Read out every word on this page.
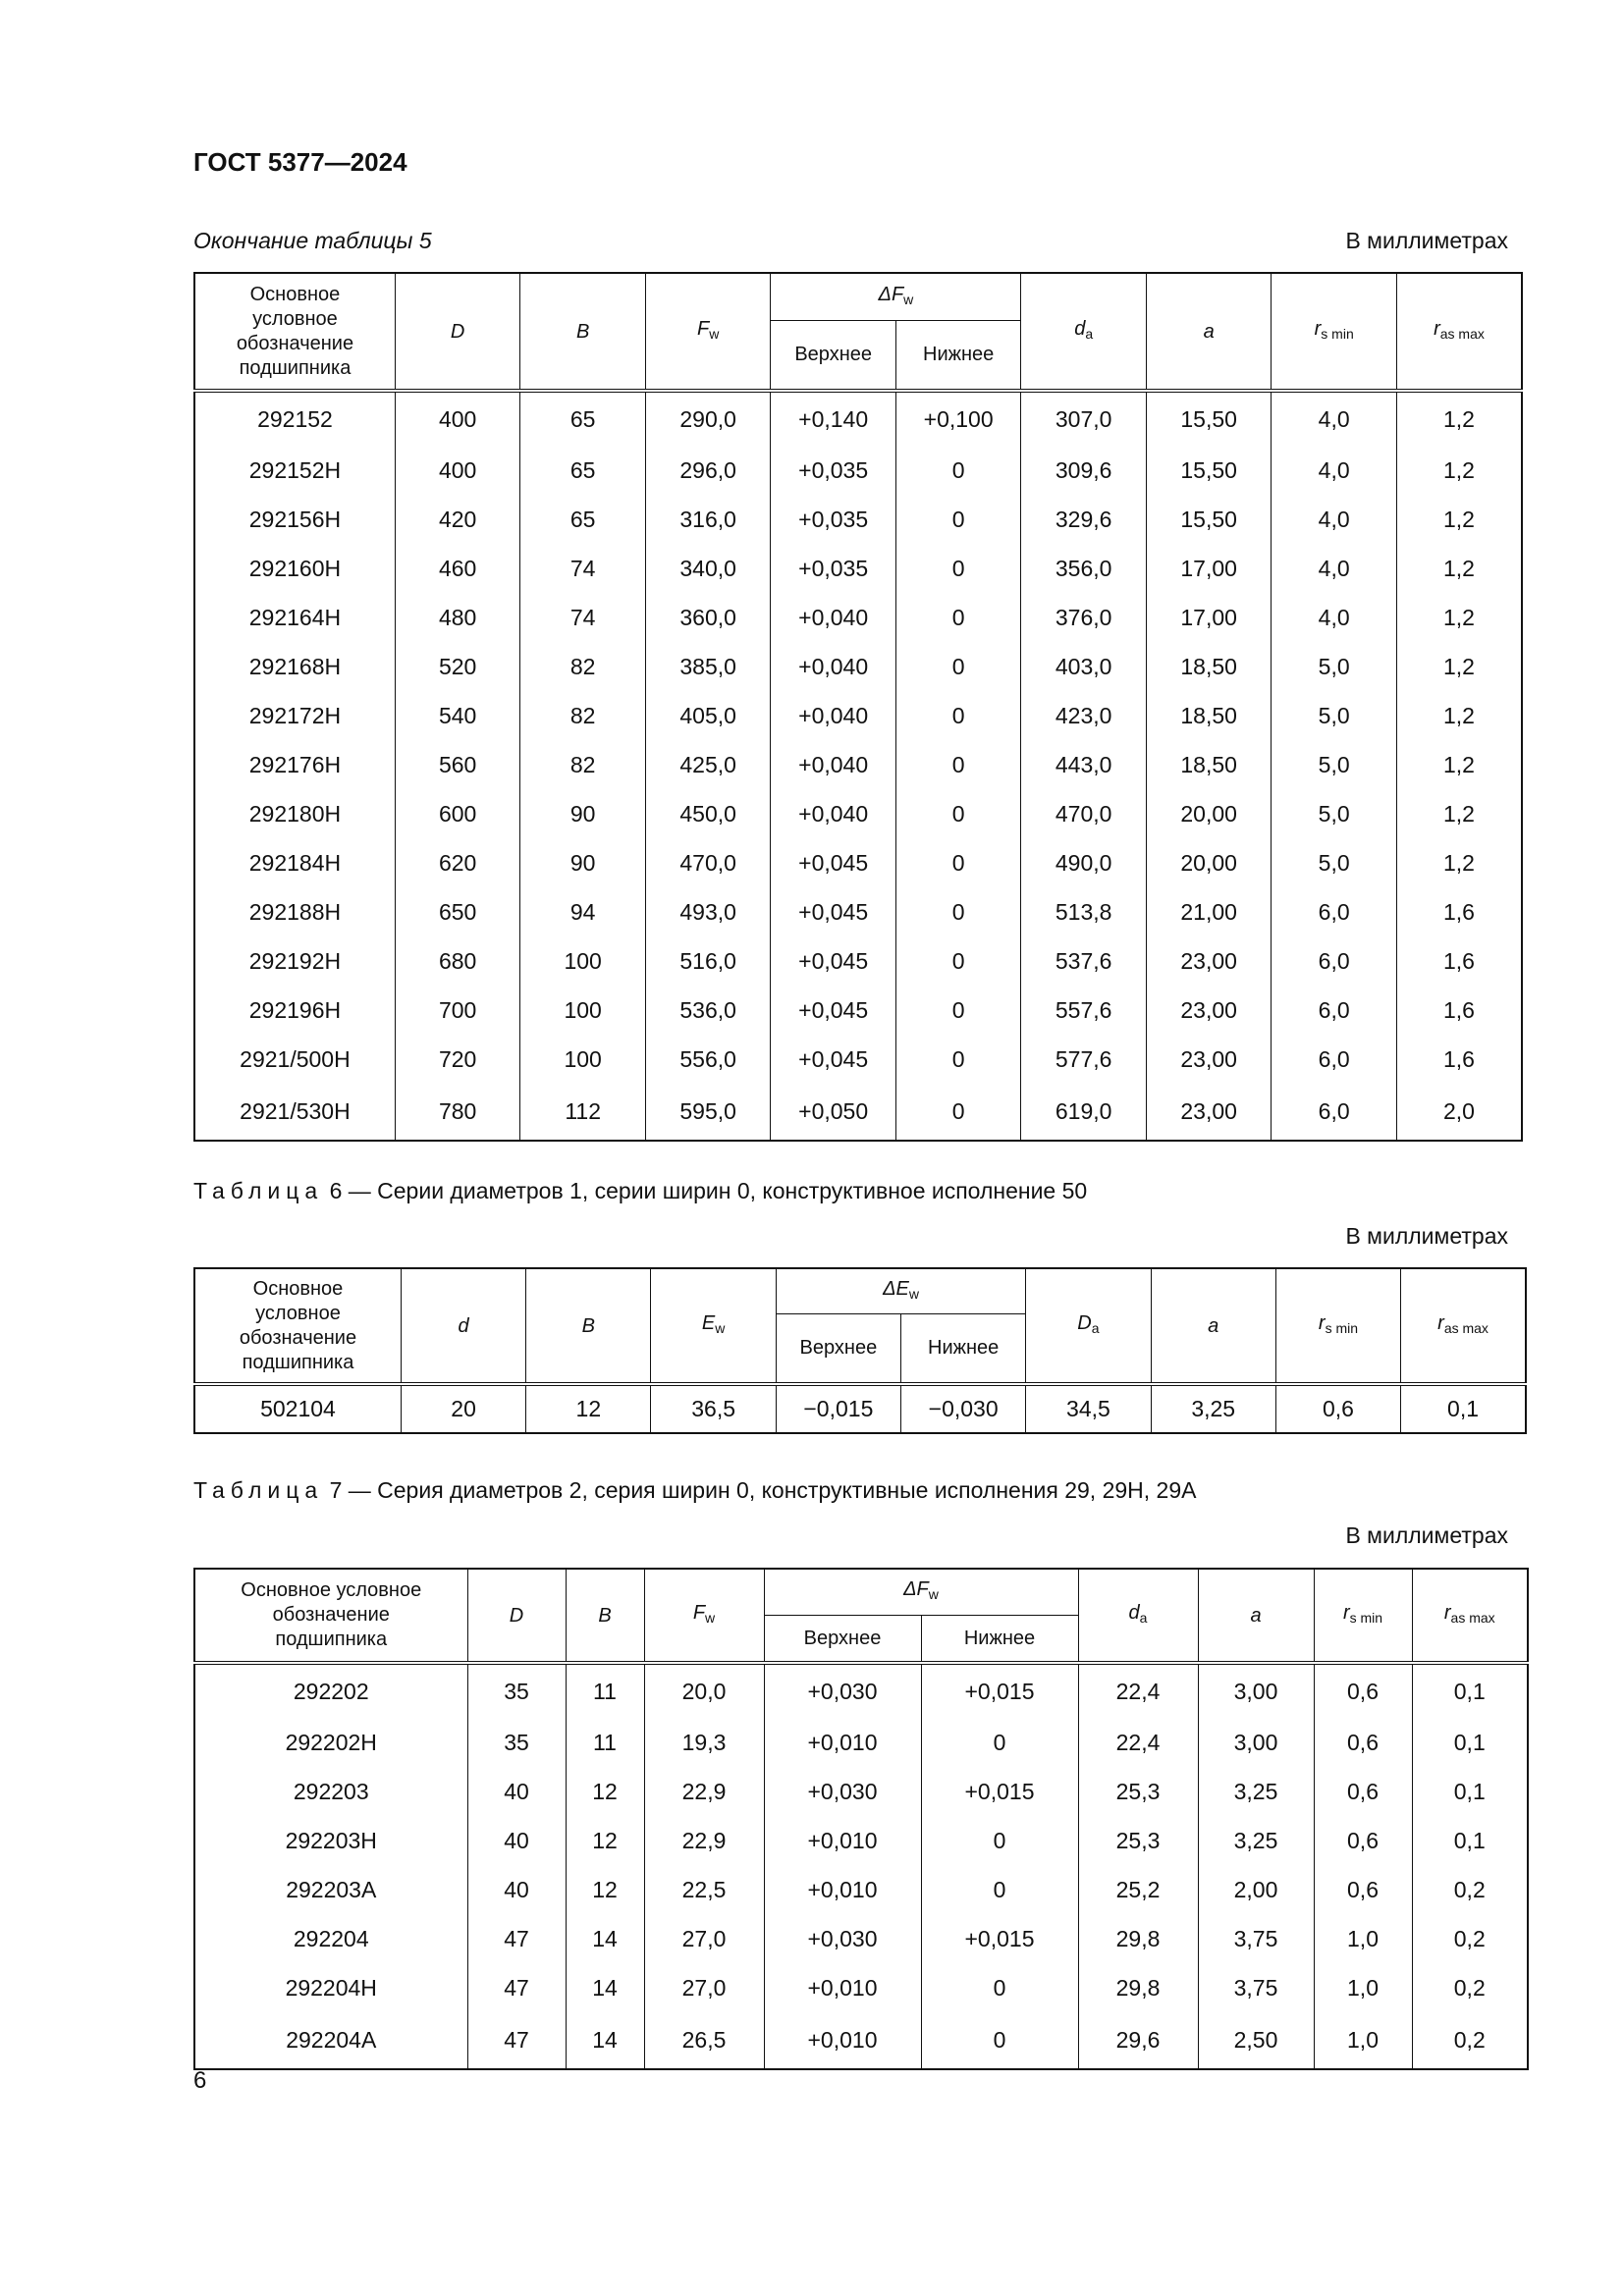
ГОСТ 5377—2024
Окончание таблицы 5	В миллиметрах
Основное условное обозначение подшипника	D	B	$F_w$	$\Delta F_w$		$d_a$	a	$r_{s min}$	$r_{as max}$
				Верхнее	Нижнее				
292152	400	65	290,0	+0,140	+0,100	307,0	15,50	4,0	1,2
292152H	400	65	296,0	+0,035	0	309,6	15,50	4,0	1,2
292156H	420	65	316,0	+0,035	0	329,6	15,50	4,0	1,2
292160H	460	74	340,0	+0,035	0	356,0	17,00	4,0	1,2
292164H	480	74	360,0	+0,040	0	376,0	17,00	4,0	1,2
292168H	520	82	385,0	+0,040	0	403,0	18,50	5,0	1,2
292172H	540	82	405,0	+0,040	0	423,0	18,50	5,0	1,2
292176H	560	82	425,0	+0,040	0	443,0	18,50	5,0	1,2
292180H	600	90	450,0	+0,040	0	470,0	20,00	5,0	1,2
292184H	620	90	470,0	+0,045	0	490,0	20,00	5,0	1,2
292188H	650	94	493,0	+0,045	0	513,8	21,00	6,0	1,6
292192H	680	100	516,0	+0,045	0	537,6	23,00	6,0	1,6
292196H	700	100	536,0	+0,045	0	557,6	23,00	6,0	1,6
2921/500H	720	100	556,0	+0,045	0	577,6	23,00	6,0	1,6
2921/530H	780	112	595,0	+0,050	0	619,0	23,00	6,0	2,0
Таблица 6 — Серии диаметров 1, серии ширин 0, конструктивное исполнение 50
В миллиметрах
Основное условное обозначение подшипника	d	B	$E_w$	$\Delta E_w$		$D_a$	a	$r_{s min}$	$r_{as max}$
				Верхнее	Нижнее				
502104	20	12	36,5	−0,015	−0,030	34,5	3,25	0,6	0,1
Таблица 7 — Серия диаметров 2, серия ширин 0, конструктивные исполнения 29, 29H, 29A
В миллиметрах
Основное условное обозначение подшипника	D	B	$F_w$	$\Delta F_w$		$d_a$	a	$r_{s min}$	$r_{as max}$
				Верхнее	Нижнее				
292202	35	11	20,0	+0,030	+0,015	22,4	3,00	0,6	0,1
292202H	35	11	19,3	+0,010	0	22,4	3,00	0,6	0,1
292203	40	12	22,9	+0,030	+0,015	25,3	3,25	0,6	0,1
292203H	40	12	22,9	+0,010	0	25,3	3,25	0,6	0,1
292203A	40	12	22,5	+0,010	0	25,2	2,00	0,6	0,2
292204	47	14	27,0	+0,030	+0,015	29,8	3,75	1,0	0,2
292204H	47	14	27,0	+0,010	0	29,8	3,75	1,0	0,2
292204A	47	14	26,5	+0,010	0	29,6	2,50	1,0	0,2
6
